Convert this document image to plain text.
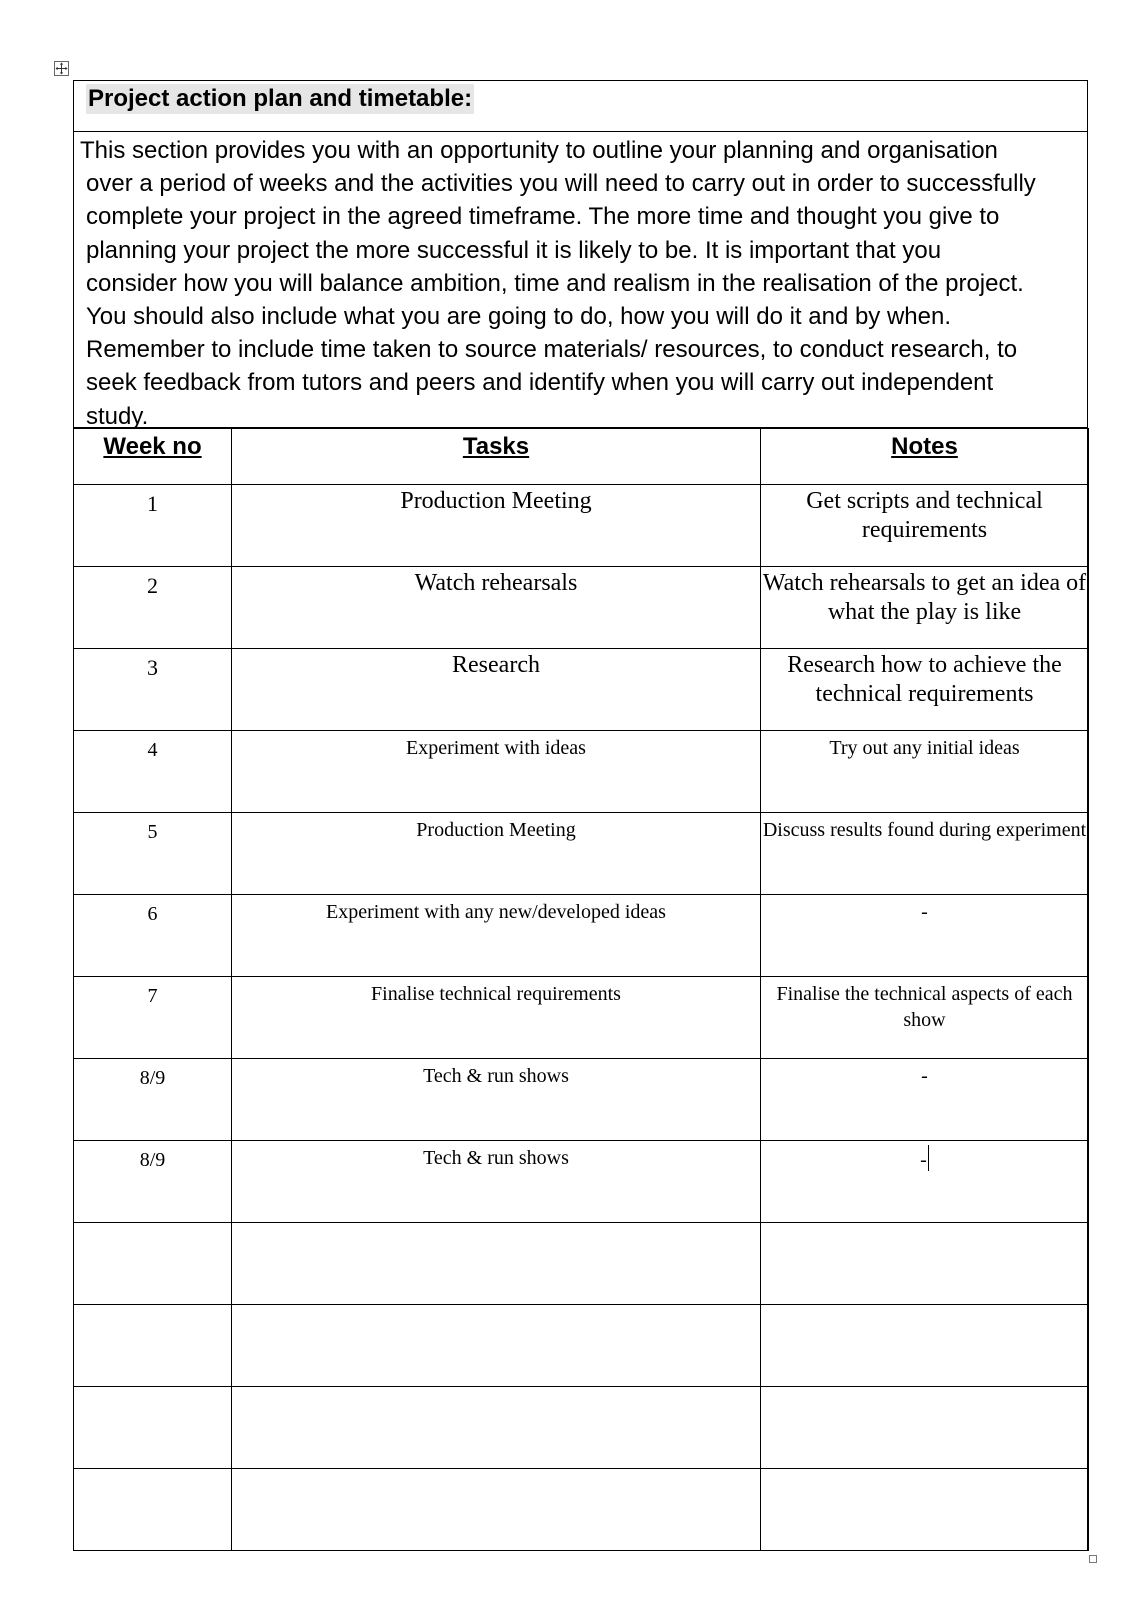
Project action plan and timetable:
This section provides you with an opportunity to outline your planning and organisation
over a period of weeks and the activities you will need to carry out in order to successfully
complete your project in the agreed timeframe. The more time and thought you give to
planning your project the more successful it is likely to be. It is important that you
consider how you will balance ambition, time and realism in the realisation of the project.
You should also include what you are going to do, how you will do it and by when.
Remember to include time taken to source materials/ resources, to conduct research, to
seek feedback from tutors and peers and identify when you will carry out independent
study.
Week no	Tasks	Notes

1	Production Meeting	Get scripts and technical requirements

2	Watch rehearsals	Watch rehearsals to get an idea of what the play is like

3	Research	Research how to achieve the technical requirements

4	Experiment with ideas	Try out any initial ideas

5	Production Meeting	Discuss results found during experiment

6	Experiment with any new/developed ideas	-

7	Finalise technical requirements	Finalise the technical aspects of each show

8/9	Tech & run shows	-

8/9	Tech & run shows	-
